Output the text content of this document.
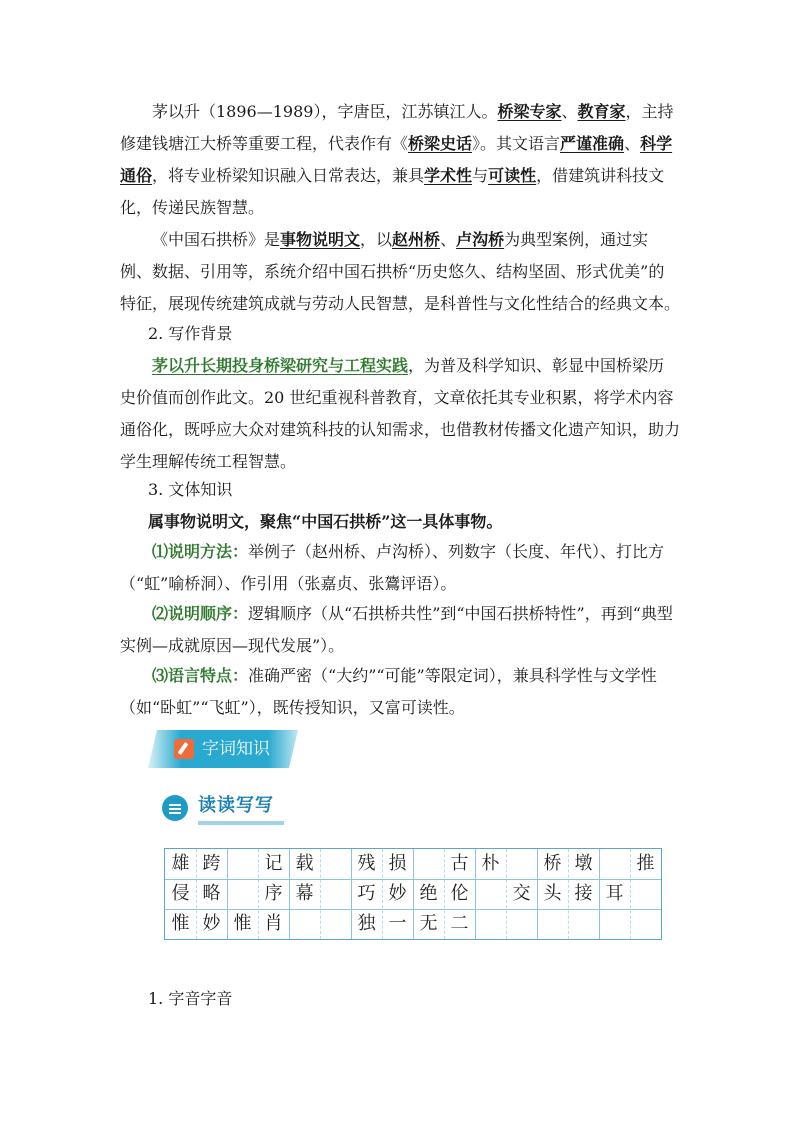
茅以升（1896—1989），字唐臣，江苏镇江人。桥梁专家、教育家，主持修建钱塘江大桥等重要工程，代表作有《桥梁史话》。其文语言严谨准确、科学通俗，将专业桥梁知识融入日常表达，兼具学术性与可读性，借建筑讲科技文化，传递民族智慧。

《中国石拱桥》是事物说明文，以赵州桥、卢沟桥为典型案例，通过实例、数据、引用等，系统介绍中国石拱桥“历史悠久、结构坚固、形式优美”的特征，展现传统建筑成就与劳动人民智慧，是科普性与文化性结合的经典文本。

2. 写作背景

茅以升长期投身桥梁研究与工程实践，为普及科学知识、彰显中国桥梁历史价值而创作此文。20 世纪重视科普教育，文章依托其专业积累，将学术内容通俗化，既呼应大众对建筑科技的认知需求，也借教材传播文化遗产知识，助力学生理解传统工程智慧。

3. 文体知识

属事物说明文，聚焦“中国石拱桥”这一具体事物。

⑴说明方法：举例子（赵州桥、卢沟桥）、列数字（长度、年代）、打比方（“虹”喻桥洞）、作引用（张嘉贞、张鷟评语）。

⑵说明顺序：逻辑顺序（从“石拱桥共性”到“中国石拱桥特性”，再到“典型实例—成就原因—现代发展”）。

⑶语言特点：准确严密（“大约”“可能”等限定词），兼具科学性与文学性（如“卧虹”“飞虹”），既传授知识，又富可读性。

字词知识
读读写写
雄 跨	记 载	残 损	古 朴	桥 墩	推
侵 略	序 幕	巧 妙 绝 伦	交 头 接 耳
惟 妙 惟 肖	独 一 无 二

1. 字音字音
